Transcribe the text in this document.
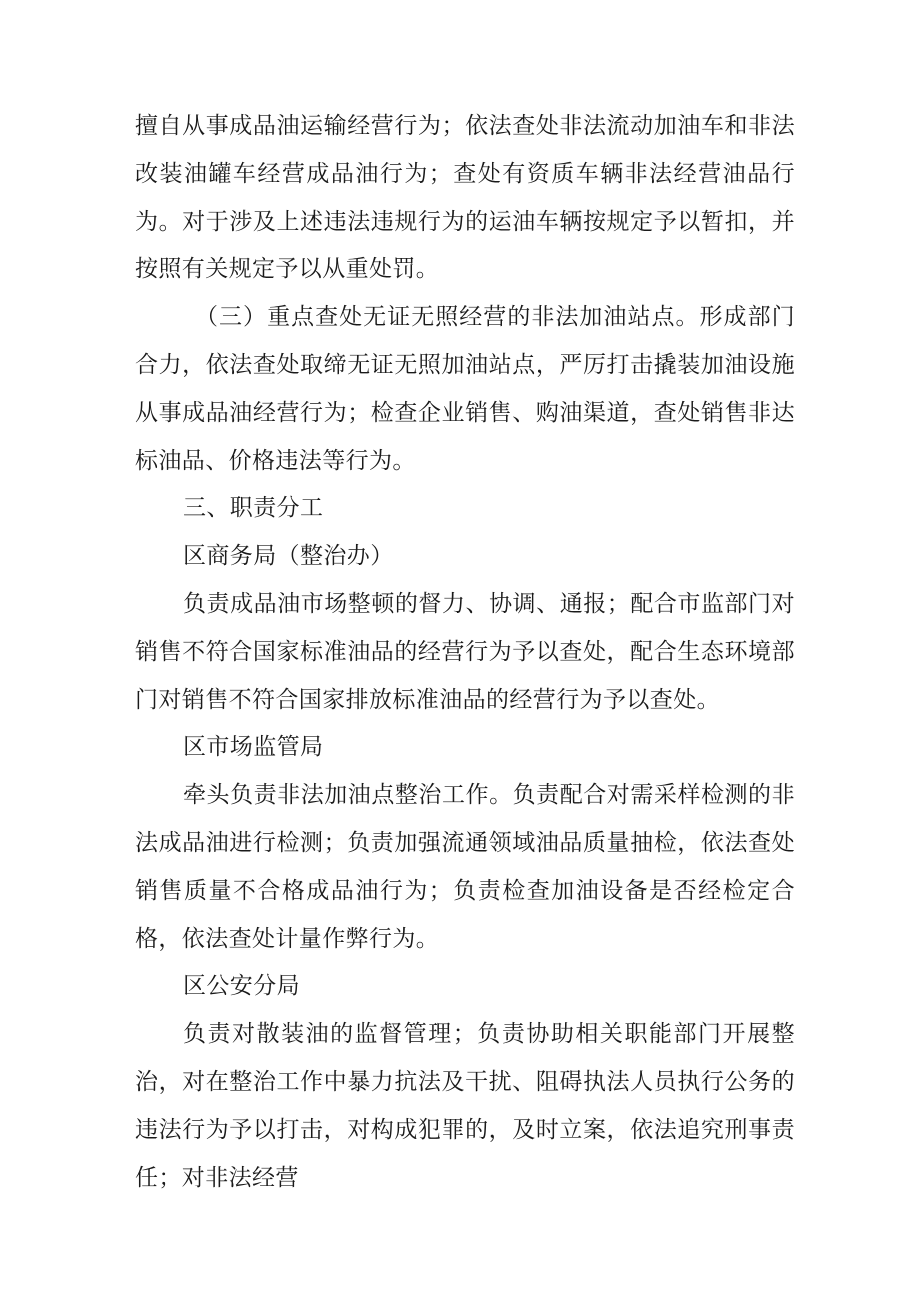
擅自从事成品油运输经营行为；依法查处非法流动加油车和非法改装油罐车经营成品油行为；查处有资质车辆非法经营油品行为。对于涉及上述违法违规行为的运油车辆按规定予以暂扣，并按照有关规定予以从重处罚。

（三）重点查处无证无照经营的非法加油站点。形成部门合力，依法查处取缔无证无照加油站点，严厉打击撬装加油设施从事成品油经营行为；检查企业销售、购油渠道，查处销售非达标油品、价格违法等行为。

三、职责分工

区商务局（整治办）

负责成品油市场整顿的督力、协调、通报；配合市监部门对销售不符合国家标准油品的经营行为予以查处，配合生态环境部门对销售不符合国家排放标准油品的经营行为予以查处。

区市场监管局

牵头负责非法加油点整治工作。负责配合对需采样检测的非法成品油进行检测；负责加强流通领域油品质量抽检，依法查处销售质量不合格成品油行为；负责检查加油设备是否经检定合格，依法查处计量作弊行为。

区公安分局

负责对散装油的监督管理；负责协助相关职能部门开展整治，对在整治工作中暴力抗法及干扰、阻碍执法人员执行公务的违法行为予以打击，对构成犯罪的，及时立案，依法追究刑事责任；对非法经营
